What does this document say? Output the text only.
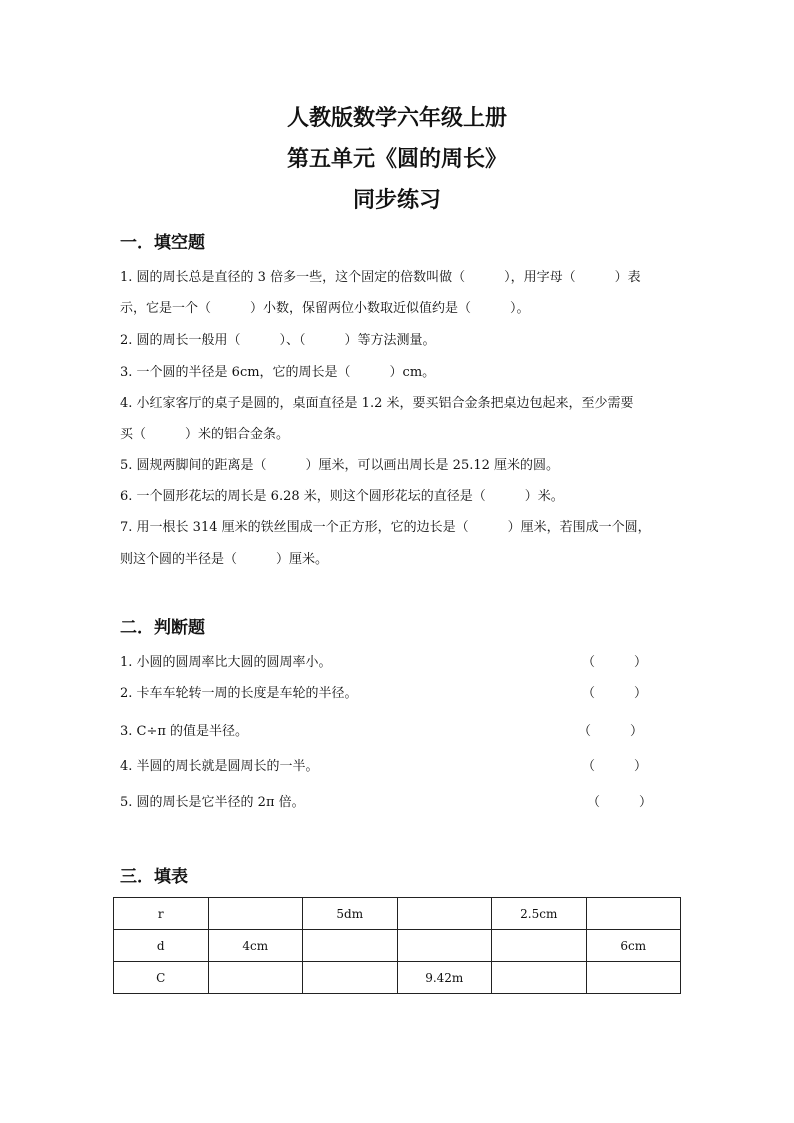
人教版数学六年级上册
第五单元《圆的周长》
同步练习
一．填空题

1. 圆的周长总是直径的 3 倍多一些，这个固定的倍数叫做（　　　），用字母（　　　）表

示，它是一个（　　　）小数，保留两位小数取近似值约是（　　　）。

2. 圆的周长一般用（　　　）、（　　　）等方法测量。

3. 一个圆的半径是 6cm，它的周长是（　　　）cm。

4. 小红家客厅的桌子是圆的，桌面直径是 1.2 米，要买铝合金条把桌边包起来，至少需要

买（　　　）米的铝合金条。

5. 圆规两脚间的距离是（　　　）厘米，可以画出周长是 25.12 厘米的圆。

6. 一个圆形花坛的周长是 6.28 米，则这个圆形花坛的直径是（　　　）米。

7. 用一根长 314 厘米的铁丝围成一个正方形，它的边长是（　　　）厘米，若围成一个圆，

则这个圆的半径是（　　　）厘米。

二．判断题

1. 小圆的圆周率比大圆的圆周率小。	（　　　）

2. 卡车车轮转一周的长度是车轮的半径。	（　　　）

3. C÷π 的值是半径。	（　　　）

4. 半圆的周长就是圆周长的一半。	（　　　）

5. 圆的周长是它半径的 2π 倍。	（　　　）
三．填表
r		5dm		2.5cm	
d	4cm				6cm
C			9.42m		
